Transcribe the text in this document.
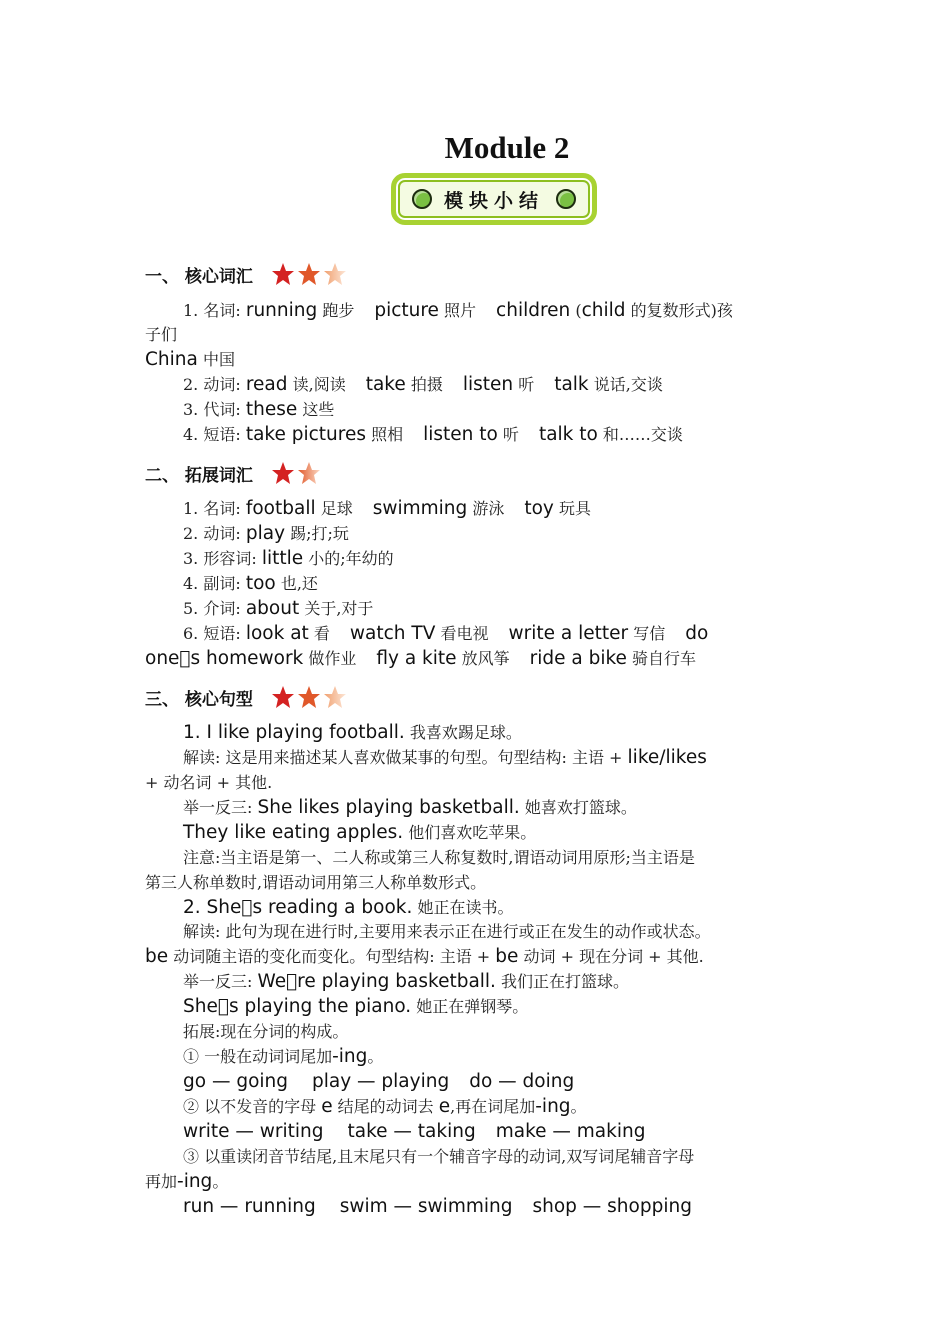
Module 2
模块小结
一、 核心词汇
1. 名词: running 跑步 picture 照片 children (child 的复数形式)孩
子们
China 中国
2. 动词: read 读,阅读 take 拍摄 listen 听 talk 说话,交谈
3. 代词: these 这些
4. 短语: take pictures 照相 listen to 听 talk to 和……交谈
二、 拓展词汇
1. 名词: football 足球 swimming 游泳 toy 玩具
2. 动词: play 踢;打;玩
3. 形容词: little 小的;年幼的
4. 副词: too 也,还
5. 介词: about 关于,对于
6. 短语: look at 看 watch TV 看电视 write a letter 写信 do
one s homework 做作业 fly a kite 放风筝 ride a bike 骑自行车
三、 核心句型
1. I like playing football. 我喜欢踢足球。
解读: 这是用来描述某人喜欢做某事的句型。句型结构: 主语 + like/likes
+ 动名词 + 其他.
举一反三: She likes playing basketball. 她喜欢打篮球。
They like eating apples. 他们喜欢吃苹果。
注意:当主语是第一、二人称或第三人称复数时,谓语动词用原形;当主语是
第三人称单数时,谓语动词用第三人称单数形式。
2. She s reading a book. 她正在读书。
解读: 此句为现在进行时,主要用来表示正在进行或正在发生的动作或状态。
be 动词随主语的变化而变化。句型结构: 主语 + be 动词 + 现在分词 + 其他.
举一反三: We re playing basketball. 我们正在打篮球。
She s playing the piano. 她正在弹钢琴。
拓展:现在分词的构成。
① 一般在动词词尾加-ing。
go — going play — playing do — doing
② 以不发音的字母 e 结尾的动词去 e,再在词尾加-ing。
write — writing take — taking make — making
③ 以重读闭音节结尾,且末尾只有一个辅音字母的动词,双写词尾辅音字母
再加-ing。
run — running swim — swimming shop — shopping
